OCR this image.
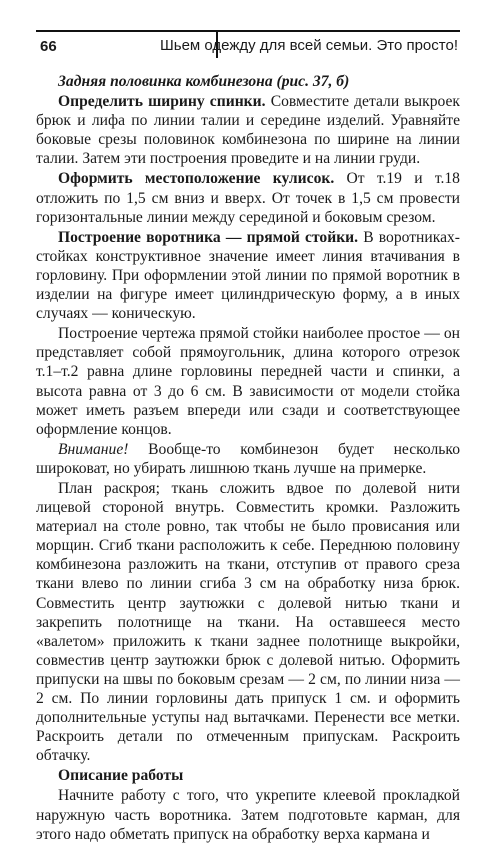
66	Шьем одежду для всей семьи. Это просто!

Задняя половинка комбинезона (рис. 37, б)

Определить ширину спинки. Совместите детали выкроек брюк и лифа по линии талии и середине изделий. Уравняйте боковые срезы половинок комбинезона по ширине на линии талии. Затем эти построения проведите и на линии груди.

Оформить местоположение кулисок. От т.19 и т.18 отложить по 1,5 см вниз и вверх. От точек в 1,5 см провести горизонтальные линии между серединой и боковым срезом.

Построение воротника — прямой стойки. В воротниках-стойках конструктивное значение имеет линия втачивания в горловину. При оформлении этой линии по прямой воротник в изделии на фигуре имеет цилиндрическую форму, а в иных случаях — коническую.

Построение чертежа прямой стойки наиболее простое — он представляет собой прямоугольник, длина которого отрезок т.1–т.2 равна длине горловины передней части и спинки, а высота равна от 3 до 6 см. В зависимости от модели стойка может иметь разъем впереди или сзади и соответствующее оформление концов.

Внимание! Вообще-то комбинезон будет несколько широковат, но убирать лишнюю ткань лучше на примерке.

План раскроя; ткань сложить вдвое по долевой нити лицевой стороной внутрь. Совместить кромки. Разложить материал на столе ровно, так чтобы не было провисания или морщин. Сгиб ткани расположить к себе. Переднюю половину комбинезона разложить на ткани, отступив от правого среза ткани влево по линии сгиба 3 см на обработку низа брюк. Совместить центр заутюжки с долевой нитью ткани и закрепить полотнище на ткани. На оставшееся место «валетом» приложить к ткани заднее полотнище выкройки, совместив центр заутюжки брюк с долевой нитью. Оформить припуски на швы по боковым срезам — 2 см, по линии низа — 2 см. По линии горловины дать припуск 1 см. и оформить дополнительные уступы над вытачками. Перенести все метки. Раскроить детали по отмеченным припускам. Раскроить обтачку.

Описание работы

Начните работу с того, что укрепите клеевой прокладкой наружную часть воротника. Затем подготовьте карман, для этого надо обметать припуск на обработку верха кармана и
